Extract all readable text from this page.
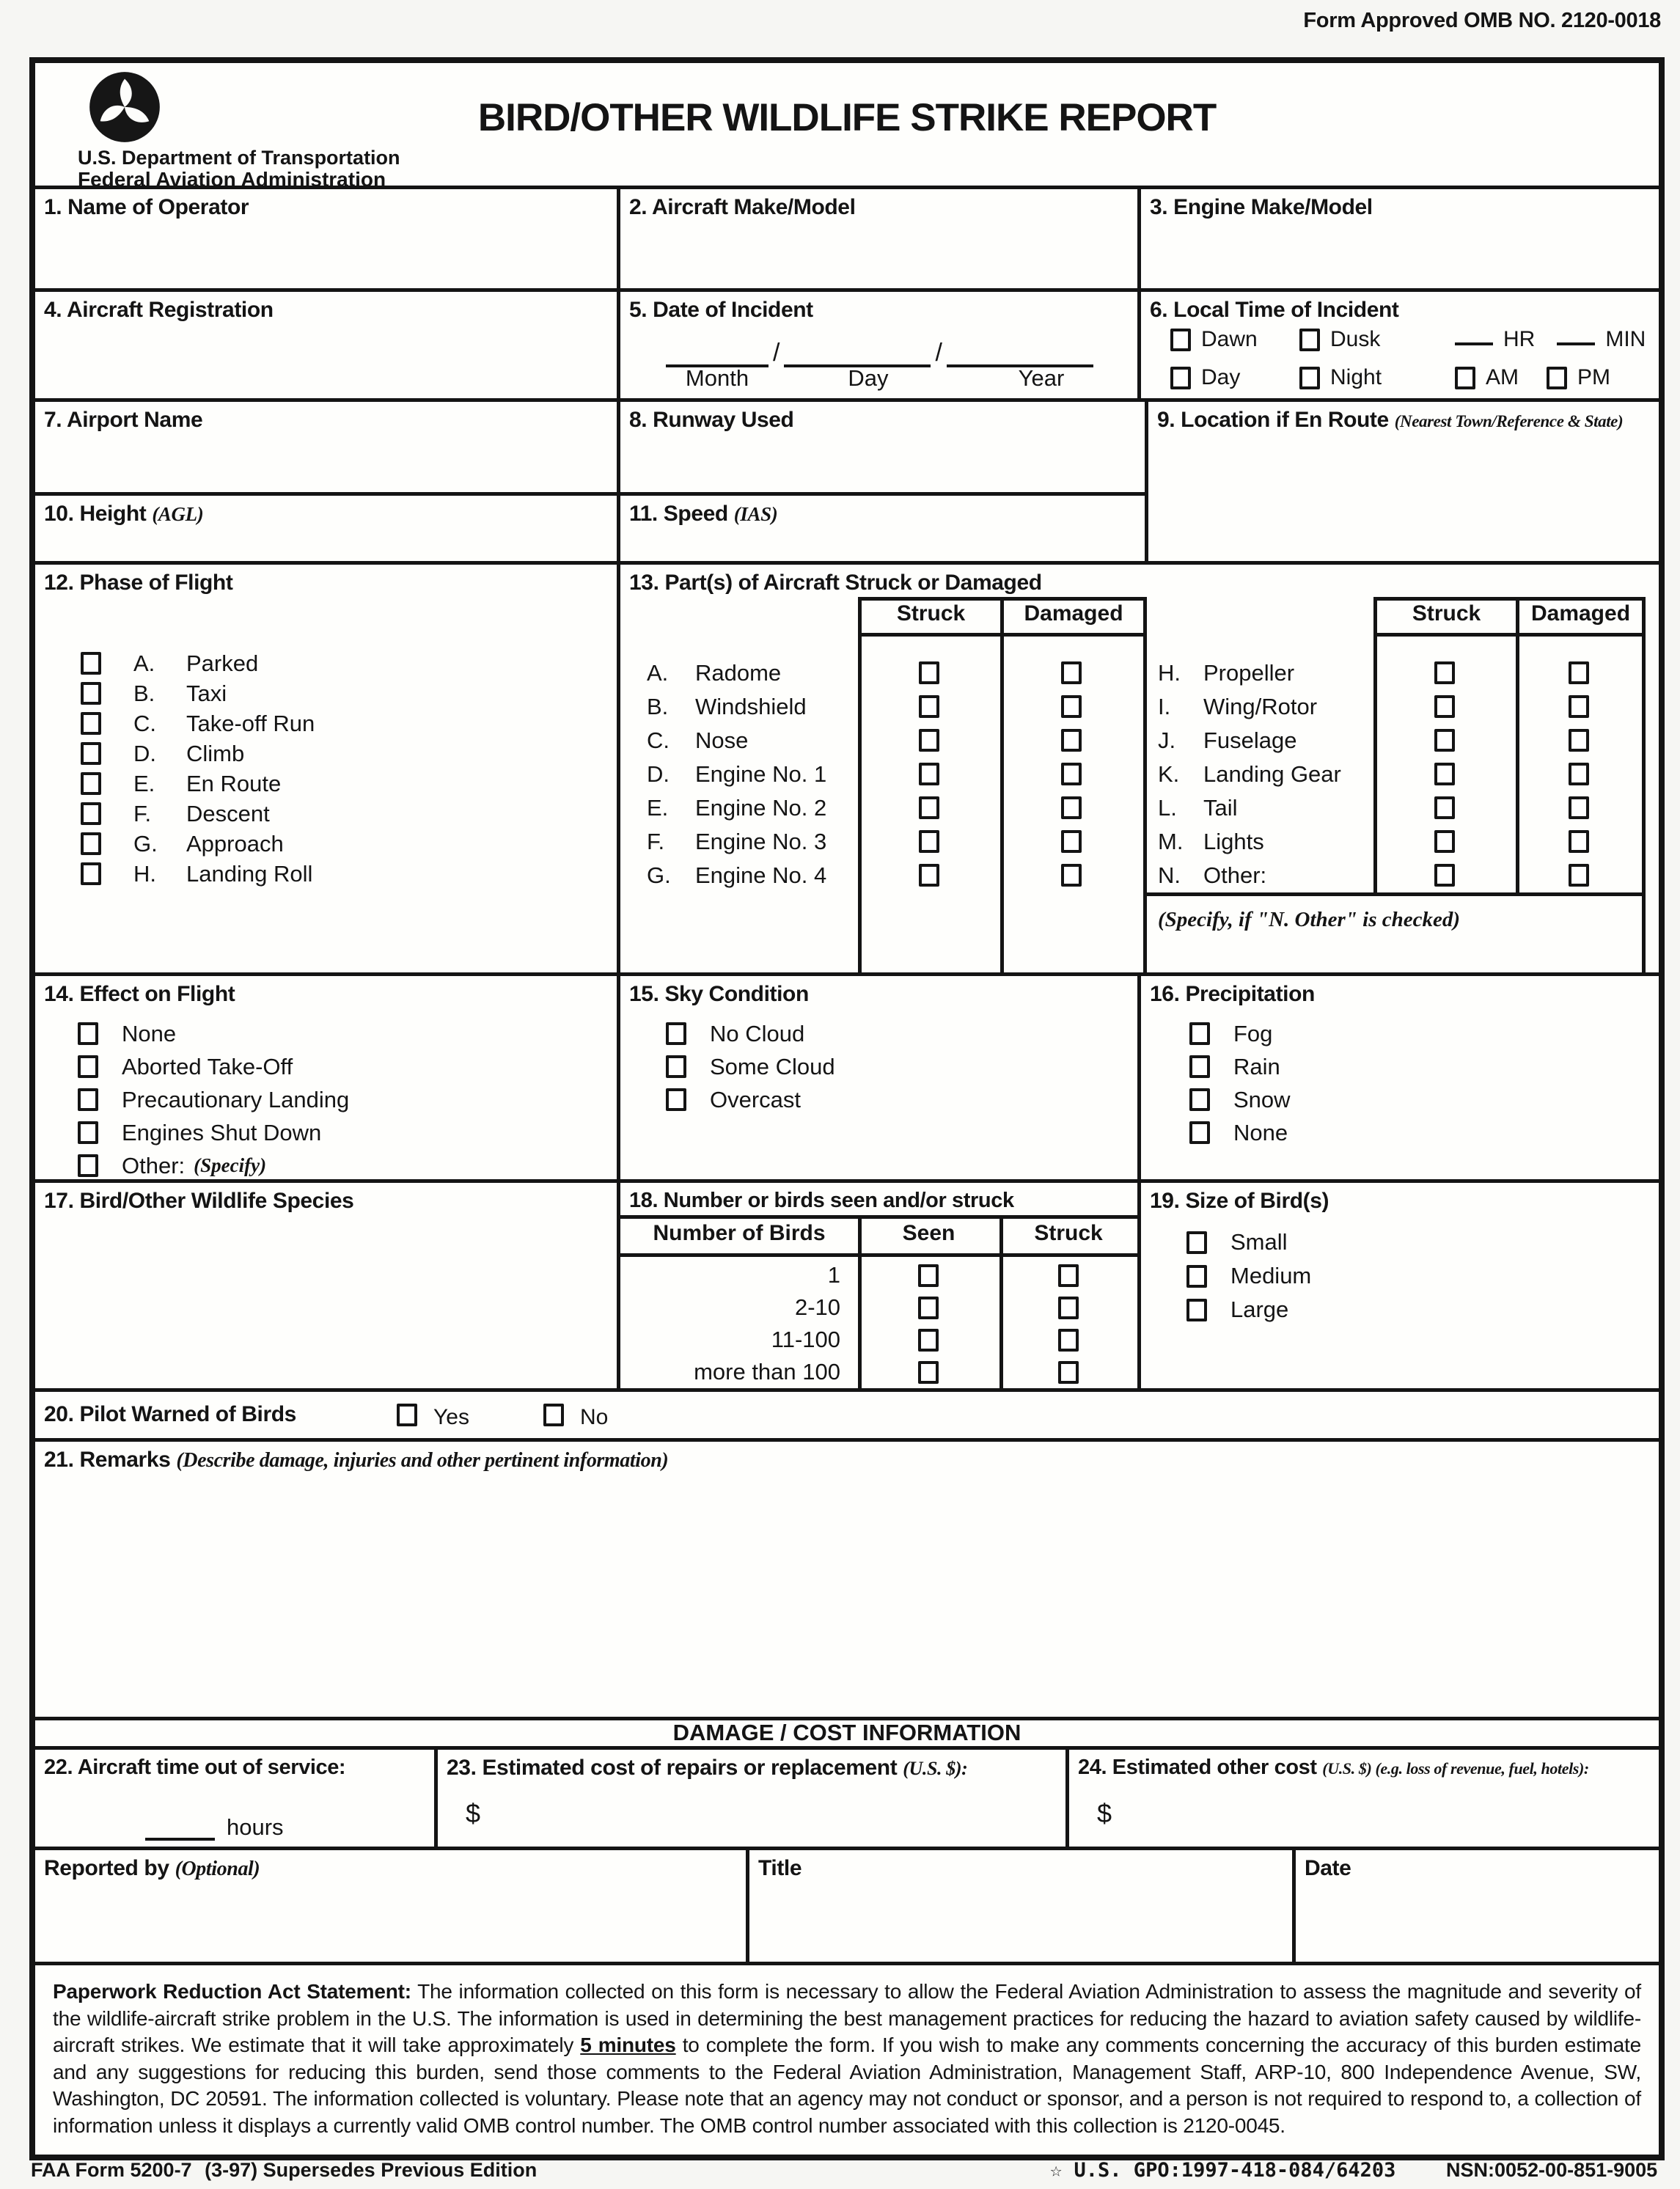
Form Approved OMB NO. 2120-0018
U.S. Department of Transportation
Federal Aviation Administration
BIRD/OTHER WILDLIFE STRIKE REPORT
1. Name of Operator	2. Aircraft Make/Model	3. Engine Make/Model
4. Aircraft Registration	5. Date of Incident
/	/
Month	Day	Year
6. Local Time of Incident
Dawn	Dusk	HR	MIN
Day	Night	AM	PM
7. Airport Name	8. Runway Used
10. Height (AGL)	11. Speed (IAS)
9. Location if En Route (Nearest Town/Reference & State)
12. Phase of Flight
A.	Parked
B.	Taxi
C.	Take-off Run
D.	Climb
E.	En Route
F.	Descent
G.	Approach
H.	Landing Roll
13. Part(s) of Aircraft Struck or Damaged
Struck	Damaged	Struck	Damaged
A. Radome	H. Propeller
B. Windshield	I. Wing/Rotor
C. Nose	J. Fuselage
D. Engine No. 1	K. Landing Gear
E. Engine No. 2	L. Tail
F. Engine No. 3	M. Lights
G. Engine No. 4	N. Other:
(Specify, if "N. Other" is checked)
14. Effect on Flight
None
Aborted Take-Off
Precautionary Landing
Engines Shut Down
Other: (Specify)
15. Sky Condition
No Cloud
Some Cloud
Overcast
16. Precipitation
Fog
Rain
Snow
None
17. Bird/Other Wildlife Species	18. Number or birds seen and/or struck
Number of Birds	Seen	Struck
1
2-10
11-100
more than 100
19. Size of Bird(s)
Small
Medium
Large
20. Pilot Warned of Birds	Yes	No
21. Remarks (Describe damage, injuries and other pertinent information)
DAMAGE / COST INFORMATION
22. Aircraft time out of service:
hours
23. Estimated cost of repairs or replacement (U.S. $):
$
24. Estimated other cost (U.S. $) (e.g. loss of revenue, fuel, hotels):
$
Reported by (Optional)	Title	Date
Paperwork Reduction Act Statement: The information collected on this form is necessary to allow the Federal Aviation Administration to assess the magnitude and severity of the wildlife-aircraft strike problem in the U.S. The information is used in determining the best management practices for reducing the hazard to aviation safety caused by wildlife-aircraft strikes. We estimate that it will take approximately 5 minutes to complete the form. If you wish to make any comments concerning the accuracy of this burden estimate and any suggestions for reducing this burden, send those comments to the Federal Aviation Administration, Management Staff, ARP-10, 800 Independence Avenue, SW, Washington, DC 20591. The information collected is voluntary. Please note that an agency may not conduct or sponsor, and a person is not required to respond to, a collection of information unless it displays a currently valid OMB control number. The OMB control number associated with this collection is 2120-0045.
FAA Form 5200-7 (3-97) Supersedes Previous Edition	☆ U.S. GPO:1997-418-084/64203	NSN:0052-00-851-9005
